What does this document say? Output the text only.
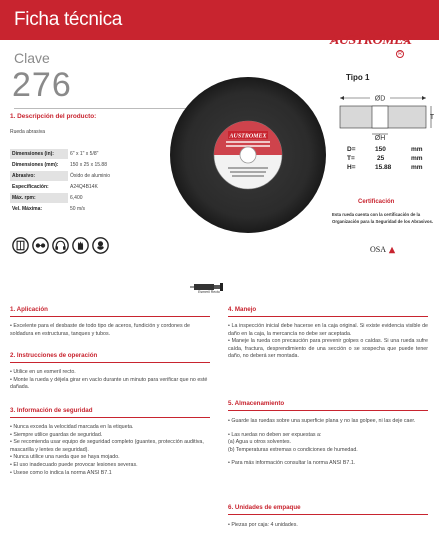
Ficha técnica
AUSTROMEX
R
Clave
276
1. Descripción del producto:
Rueda abrasiva
Dimensiones (in):	6" x 1" x 5/8"
Dimensiones (mm):	150 x 25 x 15.88
Abrasivo:	Óxido de aluminio
Especificación:	A24Q4B14K
Máx. rpm:	6,400
Vel. Máxima:	50 m/s
AUSTROMEX
Tipo 1
ØD
ØH
T
D=	150	mm
T=	25	mm
H=	15.88	mm
Certificación
Esta rueda cuenta con la certificación de la Organización para la Seguridad de los Abrasivos.
OSA
Esmeril Recto
1. Aplicación
• Excelente para el desbaste de todo tipo de aceros, fundición y cordones de soldadura en estructuras, tanques y tubos.
2. Instrucciones de operación
• Utilice en un esmeril recto.
• Monte la rueda y déjela girar en vacío durante un minuto para verificar que no esté dañada.
3. Información de seguridad
• Nunca exceda la velocidad marcada en la etiqueta.
• Siempre utilice guardas de seguridad.
• Se recomienda usar equipo de seguridad completo (guantes, protección auditiva, mascarilla y lentes de seguridad).
• Nunca utilice una rueda que se haya mojado.
• El uso inadecuado puede provocar lesiones severas.
• Usese como lo indica la norma ANSI B7.1
4. Manejo
• La inspección inicial debe hacerse en la caja original. Si existe evidencia visible de daño en la caja, la mercancía no debe ser aceptada.
• Maneje la rueda con precaución para prevenir golpes o caídas. Si una rueda sufre caída, fractura, desprendimiento de una sección o se sospecha que puede tener daño, no deberá ser montada.
5. Almacenamiento
• Guarde las ruedas sobre una superficie plana y no las golpee, ni las deje caer.
• Las ruedas no deben ser expuestas a:
(a) Agua u otros solventes.
(b) Temperaturas extremas o condiciones de humedad.
• Para más información consultar la norma ANSI B7.1.
6. Unidades de empaque
• Piezas por caja: 4 unidades.
